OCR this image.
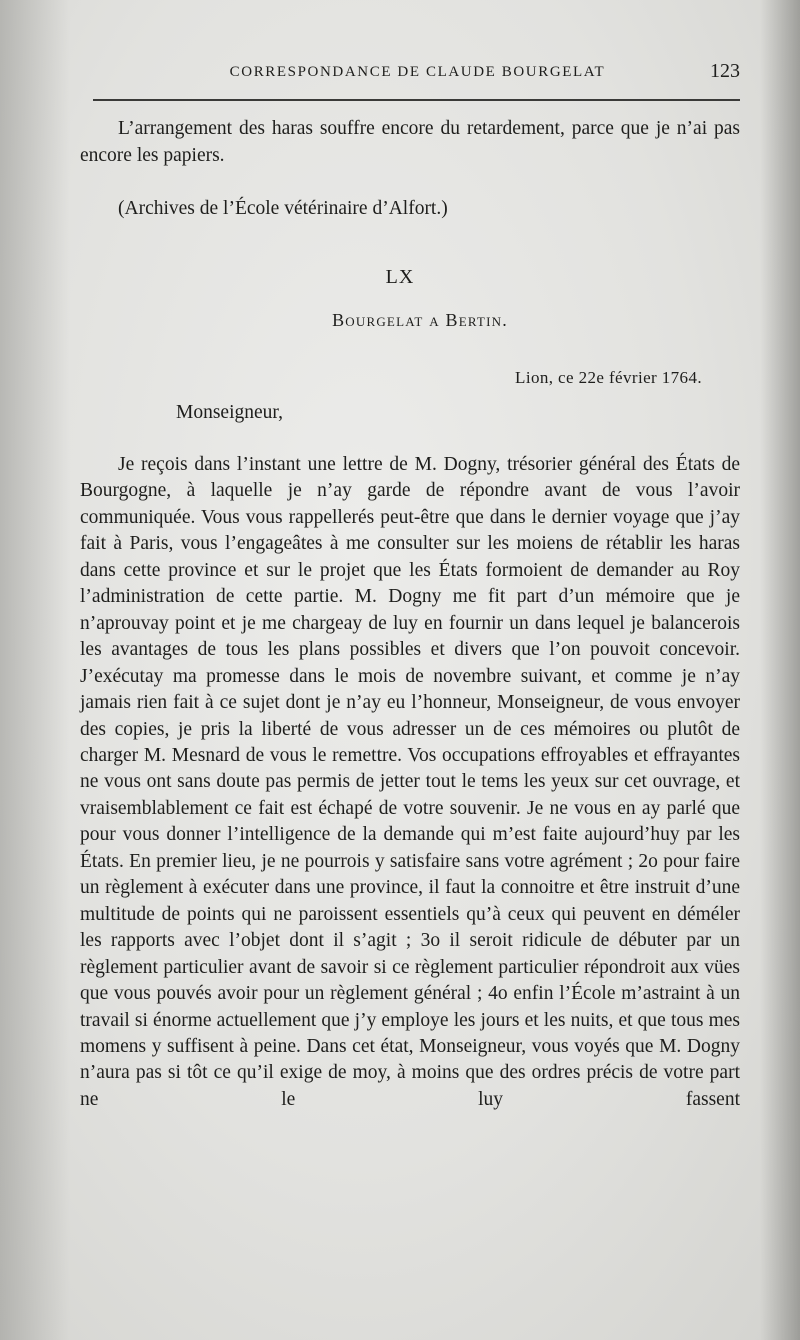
CORRESPONDANCE DE CLAUDE BOURGELAT	123

L’arrangement des haras souffre encore du retardement, parce que je n’ai pas encore les papiers.

(Archives de l’École vétérinaire d’Alfort.)
LX
Bourgelat a Bertin.
Lion, ce 22e février 1764.
Monseigneur,

Je reçois dans l’instant une lettre de M. Dogny, trésorier général des États de Bourgogne, à laquelle je n’ay garde de répondre avant de vous l’avoir communiquée. Vous vous rappellerés peut-être que dans le dernier voyage que j’ay fait à Paris, vous l’engageâtes à me consulter sur les moiens de rétablir les haras dans cette province et sur le projet que les États formoient de demander au Roy l’administration de cette partie. M. Dogny me fit part d’un mémoire que je n’aprouvay point et je me chargeay de luy en fournir un dans lequel je balancerois les avantages de tous les plans possibles et divers que l’on pouvoit concevoir. J’exécutay ma promesse dans le mois de novembre suivant, et comme je n’ay jamais rien fait à ce sujet dont je n’ay eu l’honneur, Monseigneur, de vous envoyer des copies, je pris la liberté de vous adresser un de ces mémoires ou plutôt de charger M. Mesnard de vous le remettre. Vos occupations effroyables et effrayantes ne vous ont sans doute pas permis de jetter tout le tems les yeux sur cet ouvrage, et vraisemblablement ce fait est échapé de votre souvenir. Je ne vous en ay parlé que pour vous donner l’intelligence de la demande qui m’est faite aujourd’huy par les États. En premier lieu, je ne pourrois y satisfaire sans votre agrément ; 2o pour faire un règlement à exécuter dans une province, il faut la connoitre et être instruit d’une multitude de points qui ne paroissent essentiels qu’à ceux qui peuvent en déméler les rapports avec l’objet dont il s’agit ; 3o il seroit ridicule de débuter par un règlement particulier avant de savoir si ce règlement particulier répondroit aux vües que vous pouvés avoir pour un règlement général ; 4o enfin l’École m’astraint à un travail si énorme actuellement que j’y employe les jours et les nuits, et que tous mes momens y suffisent à peine. Dans cet état, Monseigneur, vous voyés que M. Dogny n’aura pas si tôt ce qu’il exige de moy, à moins que des ordres précis de votre part ne le luy fassent
